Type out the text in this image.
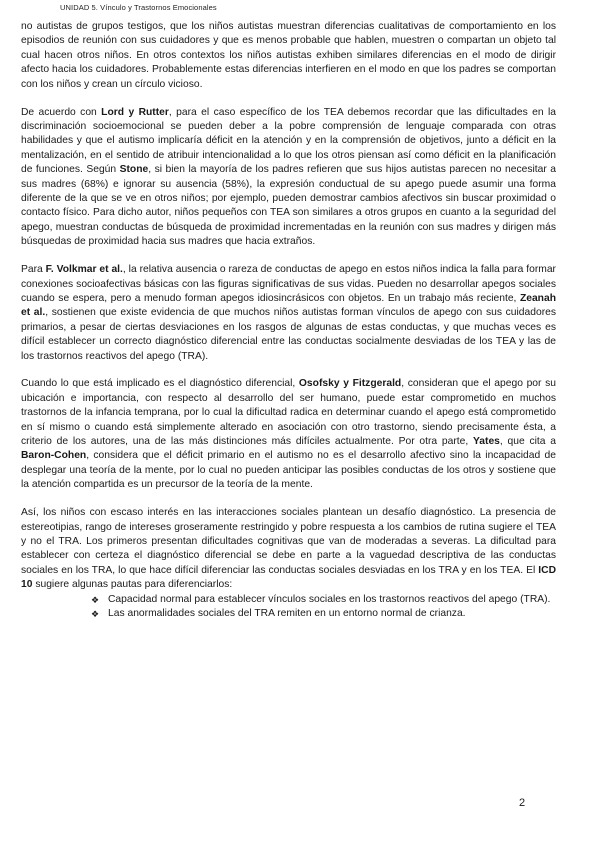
UNIDAD 5. Vínculo y Trastornos Emocionales

no autistas de grupos testigos, que los niños autistas muestran diferencias cualitativas de comportamiento en los episodios de reunión con sus cuidadores y que es menos probable que hablen, muestren o compartan un objeto tal cual hacen otros niños. En otros contextos los niños autistas exhiben similares diferencias en el modo de dirigir afecto hacia los cuidadores. Probablemente estas diferencias interfieren en el modo en que los padres se comportan con los niños y crean un círculo vicioso.

De acuerdo con Lord y Rutter, para el caso específico de los TEA debemos recordar que las dificultades en la discriminación socioemocional se pueden deber a la pobre comprensión de lenguaje comparada con otras habilidades y que el autismo implicaría déficit en la atención y en la comprensión de objetivos, junto a déficit en la mentalización, en el sentido de atribuir intencionalidad a lo que los otros piensan así como déficit en la planificación de funciones. Según Stone, si bien la mayoría de los padres refieren que sus hijos autistas parecen no necesitar a sus madres (68%) e ignorar su ausencia (58%), la expresión conductual de su apego puede asumir una forma diferente de la que se ve en otros niños; por ejemplo, pueden demostrar cambios afectivos sin buscar proximidad o contacto físico. Para dicho autor, niños pequeños con TEA son similares a otros grupos en cuanto a la seguridad del apego, muestran conductas de búsqueda de proximidad incrementadas en la reunión con sus madres y dirigen más búsquedas de proximidad hacia sus madres que hacia extraños.

Para F. Volkmar et al., la relativa ausencia o rareza de conductas de apego en estos niños indica la falla para formar conexiones socioafectivas básicas con las figuras significativas de sus vidas. Pueden no desarrollar apegos sociales cuando se espera, pero a menudo forman apegos idiosincrásicos con objetos. En un trabajo más reciente, Zeanah et al., sostienen que existe evidencia de que muchos niños autistas forman vínculos de apego con sus cuidadores primarios, a pesar de ciertas desviaciones en los rasgos de algunas de estas conductas, y que muchas veces es difícil establecer un correcto diagnóstico diferencial entre las conductas socialmente desviadas de los TEA y las de los trastornos reactivos del apego (TRA).

Cuando lo que está implicado es el diagnóstico diferencial, Osofsky y Fitzgerald, consideran que el apego por su ubicación e importancia, con respecto al desarrollo del ser humano, puede estar comprometido en muchos trastornos de la infancia temprana, por lo cual la dificultad radica en determinar cuando el apego está comprometido en sí mismo o cuando está simplemente alterado en asociación con otro trastorno, siendo precisamente ésta, a criterio de los autores, una de las más distinciones más difíciles actualmente. Por otra parte, Yates, que cita a Baron-Cohen, considera que el déficit primario en el autismo no es el desarrollo afectivo sino la incapacidad de desplegar una teoría de la mente, por lo cual no pueden anticipar las posibles conductas de los otros y sostiene que la atención compartida es un precursor de la teoría de la mente.

Así, los niños con escaso interés en las interacciones sociales plantean un desafío diagnóstico. La presencia de estereotipias, rango de intereses groseramente restringido y pobre respuesta a los cambios de rutina sugiere el TEA y no el TRA. Los primeros presentan dificultades cognitivas que van de moderadas a severas. La dificultad para establecer con certeza el diagnóstico diferencial se debe en parte a la vaguedad descriptiva de las conductas sociales en los TRA, lo que hace difícil diferenciar las conductas sociales desviadas en los TRA y en los TEA. El ICD 10 sugiere algunas pautas para diferenciarlos:

❖ Capacidad normal para establecer vínculos sociales en los trastornos reactivos del apego (TRA).
❖ Las anormalidades sociales del TRA remiten en un entorno normal de crianza.
2
